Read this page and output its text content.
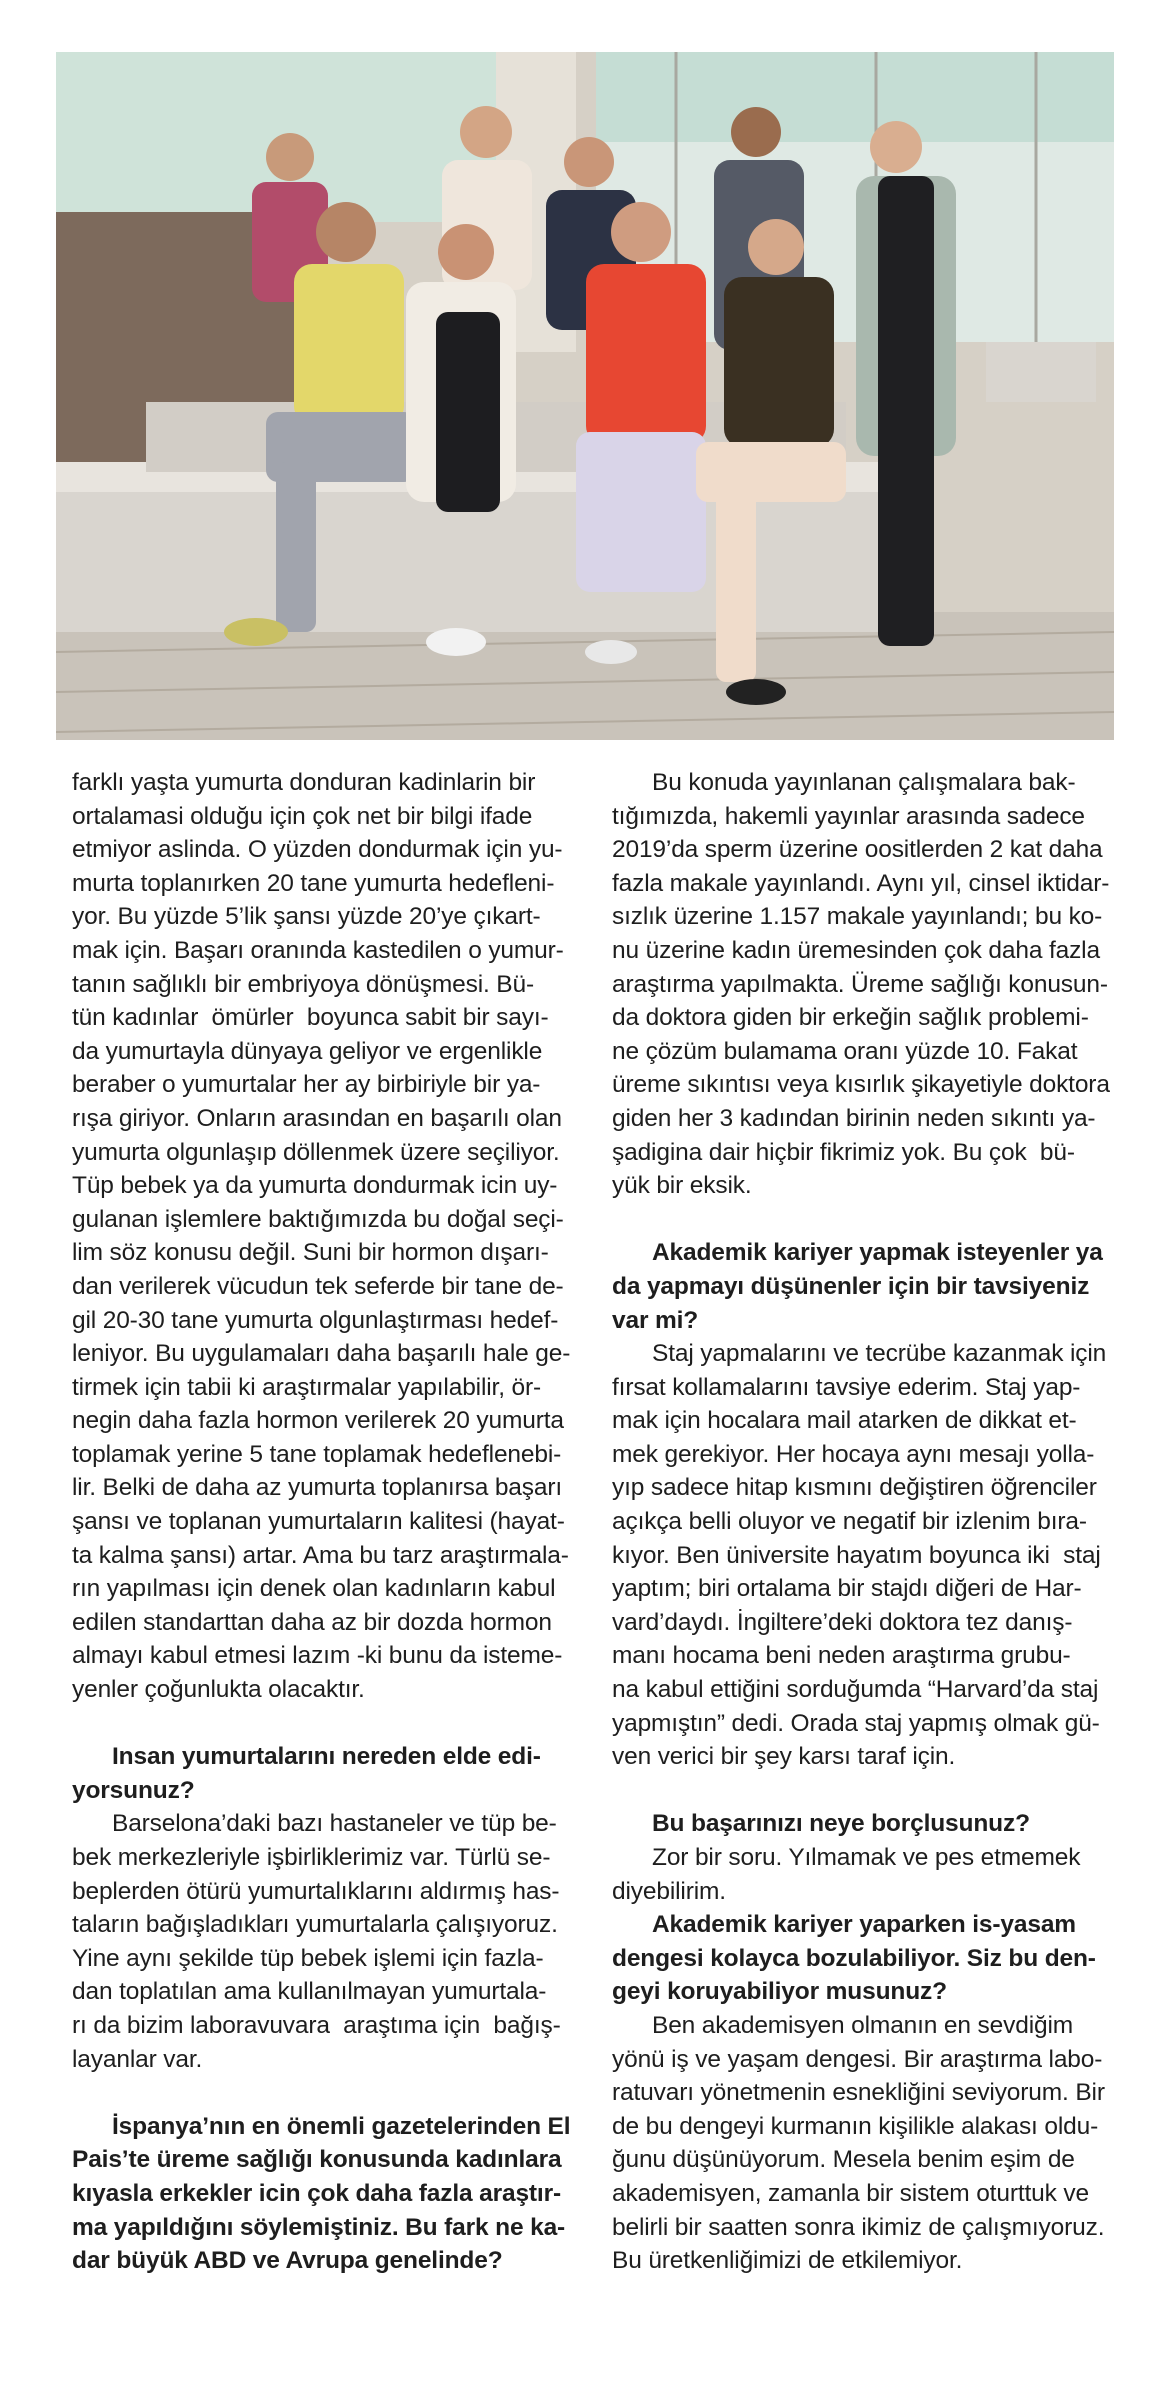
farklı yaşta yumurta donduran kadinlarin bir
ortalamasi olduğu için çok net bir bilgi ifade
etmiyor aslinda. O yüzden dondurmak için yu-
murta toplanırken 20 tane yumurta hedefleni-
yor. Bu yüzde 5’lik şansı yüzde 20’ye çıkart-
mak için. Başarı oranında kastedilen o yumur-
tanın sağlıklı bir embriyoya dönüşmesi. Bü-
tün kadınlar  ömürler  boyunca sabit bir sayı-
da yumurtayla dünyaya geliyor ve ergenlikle
beraber o yumurtalar her ay birbiriyle bir ya-
rışa giriyor. Onların arasından en başarılı olan
yumurta olgunlaşıp döllenmek üzere seçiliyor.
Tüp bebek ya da yumurta dondurmak icin uy-
gulanan işlemlere baktığımızda bu doğal seçi-
lim söz konusu değil. Suni bir hormon dışarı-
dan verilerek vücudun tek seferde bir tane de-
gil 20-30 tane yumurta olgunlaştırması hedef-
leniyor. Bu uygulamaları daha başarılı hale ge-
tirmek için tabii ki araştırmalar yapılabilir, ör-
negin daha fazla hormon verilerek 20 yumurta
toplamak yerine 5 tane toplamak hedeflenebi-
lir. Belki de daha az yumurta toplanırsa başarı
şansı ve toplanan yumurtaların kalitesi (hayat-
ta kalma şansı) artar. Ama bu tarz araştırmala-
rın yapılması için denek olan kadınların kabul
edilen standarttan daha az bir dozda hormon
almayı kabul etmesi lazım -ki bunu da isteme-
yenler çoğunlukta olacaktır.
Insan yumurtalarını nereden elde edi-
yorsunuz?
Barselona’daki bazı hastaneler ve tüp be-
bek merkezleriyle işbirliklerimiz var. Türlü se-
beplerden ötürü yumurtalıklarını aldırmış has-
taların bağışladıkları yumurtalarla çalışıyoruz.
Yine aynı şekilde tüp bebek işlemi için fazla-
dan toplatılan ama kullanılmayan yumurtala-
rı da bizim laboravuvara  araştıma için  bağış-
layanlar var.
İspanya’nın en önemli gazetelerinden El
Pais’te üreme sağlığı konusunda kadınlara
kıyasla erkekler icin çok daha fazla araştır-
ma yapıldığını söylemiştiniz. Bu fark ne ka-
dar büyük ABD ve Avrupa genelinde?
Bu konuda yayınlanan çalışmalara bak-
tığımızda, hakemli yayınlar arasında sadece
2019’da sperm üzerine oositlerden 2 kat daha
fazla makale yayınlandı. Aynı yıl, cinsel iktidar-
sızlık üzerine 1.157 makale yayınlandı; bu ko-
nu üzerine kadın üremesinden çok daha fazla
araştırma yapılmakta. Üreme sağlığı konusun-
da doktora giden bir erkeğin sağlık problemi-
ne çözüm bulamama oranı yüzde 10. Fakat
üreme sıkıntısı veya kısırlık şikayetiyle doktora
giden her 3 kadından birinin neden sıkıntı ya-
şadigina dair hiçbir fikrimiz yok. Bu çok  bü-
yük bir eksik.
Akademik kariyer yapmak isteyenler ya
da yapmayı düşünenler için bir tavsiyeniz
var mi?
Staj yapmalarını ve tecrübe kazanmak için
fırsat kollamalarını tavsiye ederim. Staj yap-
mak için hocalara mail atarken de dikkat et-
mek gerekiyor. Her hocaya aynı mesajı yolla-
yıp sadece hitap kısmını değiştiren öğrenciler
açıkça belli oluyor ve negatif bir izlenim bıra-
kıyor. Ben üniversite hayatım boyunca iki  staj
yaptım; biri ortalama bir stajdı diğeri de Har-
vard’daydı. İngiltere’deki doktora tez danış-
manı hocama beni neden araştırma grubu-
na kabul ettiğini sorduğumda “Harvard’da staj
yapmıştın” dedi. Orada staj yapmış olmak gü-
ven verici bir şey karsı taraf için.
Bu başarınızı neye borçlusunuz?
Zor bir soru. Yılmamak ve pes etmemek
diyebilirim.
Akademik kariyer yaparken is-yasam
dengesi kolayca bozulabiliyor. Siz bu den-
geyi koruyabiliyor musunuz?
Ben akademisyen olmanın en sevdiğim
yönü iş ve yaşam dengesi. Bir araştırma labo-
ratuvarı yönetmenin esnekliğini seviyorum. Bir
de bu dengeyi kurmanın kişilikle alakası oldu-
ğunu düşünüyorum. Mesela benim eşim de
akademisyen, zamanla bir sistem oturttuk ve
belirli bir saatten sonra ikimiz de çalışmıyoruz.
Bu üretkenliğimizi de etkilemiyor.
